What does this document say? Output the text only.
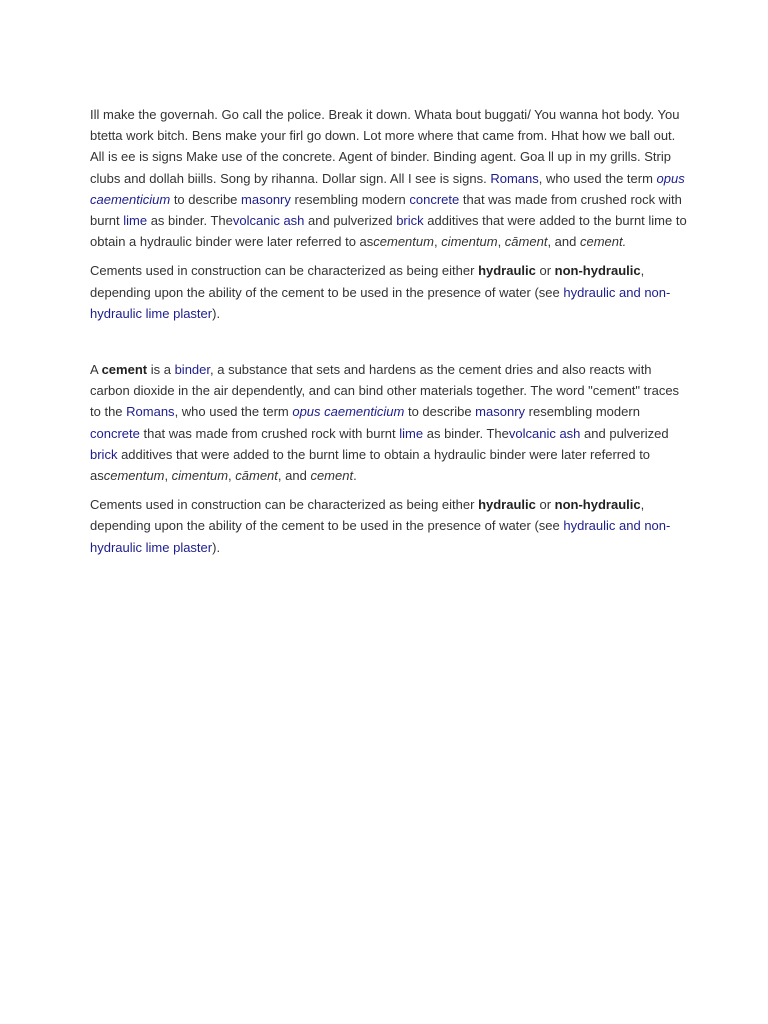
Ill make the governah. Go call the police. Break it down. Whata bout buggati/ You wanna hot body. You btetta work bitch. Bens make your firl go down. Lot more where that came from. Hhat how we ball out. All is ee is signs Make use of the concrete. Agent of binder. Binding agent. Goa ll up in my grills. Strip clubs and dollah biills. Song by rihanna. Dollar sign. All I see is signs. Romans, who used the term opus caementicium to describe masonry resembling modern concrete that was made from crushed rock with burnt lime as binder. Thevolcanic ash and pulverized brick additives that were added to the burnt lime to obtain a hydraulic binder were later referred to ascementum, cimentum, cāment, and cement.

Cements used in construction can be characterized as being either hydraulic or non-hydraulic, depending upon the ability of the cement to be used in the presence of water (see hydraulic and non-hydraulic lime plaster).

A cement is a binder, a substance that sets and hardens as the cement dries and also reacts with carbon dioxide in the air dependently, and can bind other materials together. The word "cement" traces to the Romans, who used the term opus caementicium to describe masonry resembling modern concrete that was made from crushed rock with burnt lime as binder. Thevolcanic ash and pulverized brick additives that were added to the burnt lime to obtain a hydraulic binder were later referred to ascementum, cimentum, cāment, and cement.

Cements used in construction can be characterized as being either hydraulic or non-hydraulic, depending upon the ability of the cement to be used in the presence of water (see hydraulic and non-hydraulic lime plaster).
